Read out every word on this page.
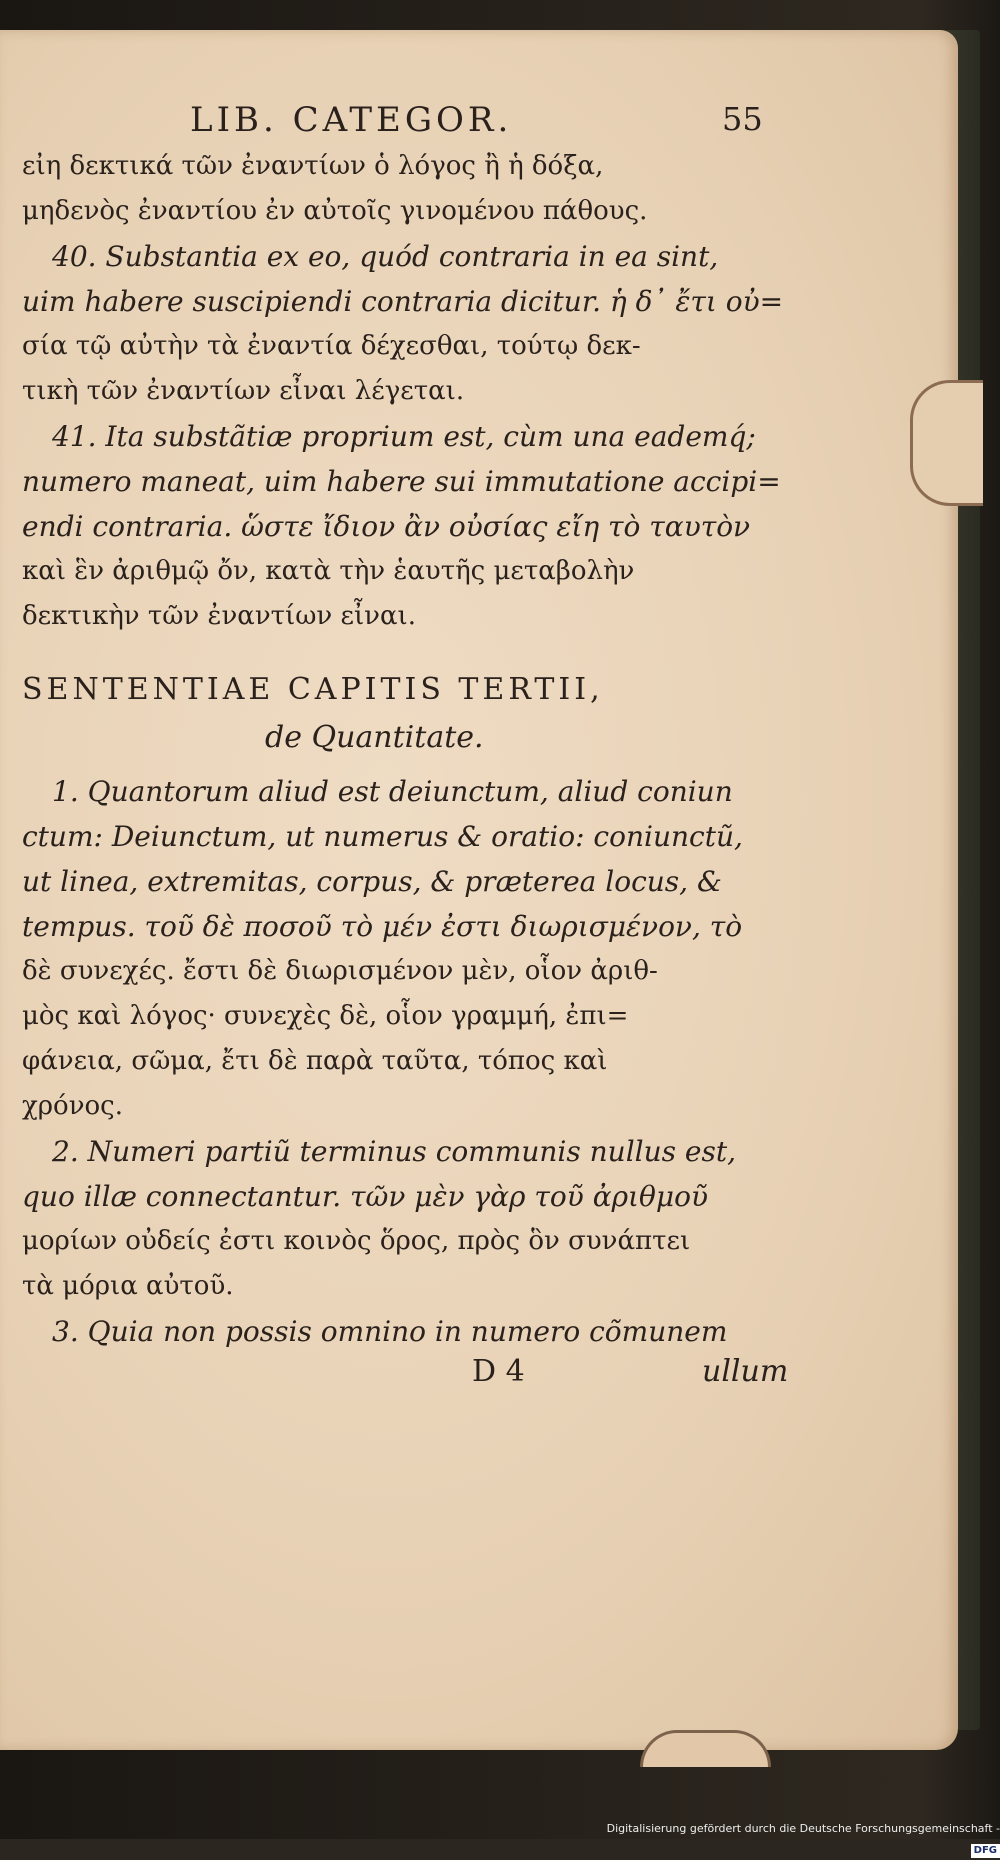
LIB. CATEGOR.	55
εἰη δεκτικά τῶν ἐναντίων ὁ λόγος ἢ ἡ δόξα,
μηδενὸς ἐναντίου ἐν αὐτοῖς γινομένου πάθους.
40. Substantia ex eo, quód contraria in ea sint,
uim habere suscipiendi contraria dicitur. ἡ δ᾽ ἔτι οὐ=
σία τῷ αὐτὴν τὰ ἐναντία δέχεσθαι, τούτῳ δεκ-
τικὴ τῶν ἐναντίων εἶναι λέγεται.
41. Ita substãtiæ proprium est, cùm una eademq́;
numero maneat, uim habere sui immutatione accipi=
endi contraria. ὥστε ἴδιον ἂν οὐσίας εἴη τὸ ταυτὸν
καὶ ἓν ἀριθμῷ ὄν, κατὰ τὴν ἑαυτῆς μεταβολὴν
δεκτικὴν τῶν ἐναντίων εἶναι.
SENTENTIAE CAPITIS TERTII,
de Quantitate.
1. Quantorum aliud est deiunctum, aliud coniun
ctum: Deiunctum, ut numerus & oratio: coniunctũ,
ut linea, extremitas, corpus, & præterea locus, &
tempus. τοῦ δὲ ποσοῦ τὸ μέν ἐστι διωρισμένον, τὸ
δὲ συνεχές. ἔστι δὲ διωρισμένον μὲν, οἷον ἀριθ-
μὸς καὶ λόγος· συνεχὲς δὲ, οἷον γραμμή, ἐπι=
φάνεια, σῶμα, ἔτι δὲ παρὰ ταῦτα, τόπος καὶ
χρόνος.
2. Numeri partiũ terminus communis nullus est,
quo illæ connectantur. τῶν μὲν γὰρ τοῦ ἀριθμοῦ
μορίων οὐδείς ἐστι κοινὸς ὅρος, πρὸς ὃν συνάπτει
τὰ μόρια αὐτοῦ.
3. Quia non possis omnino in numero cõmunem
D 4	ullum
Digitalisierung gefördert durch die Deutsche Forschungsgemeinschaft -DFG
